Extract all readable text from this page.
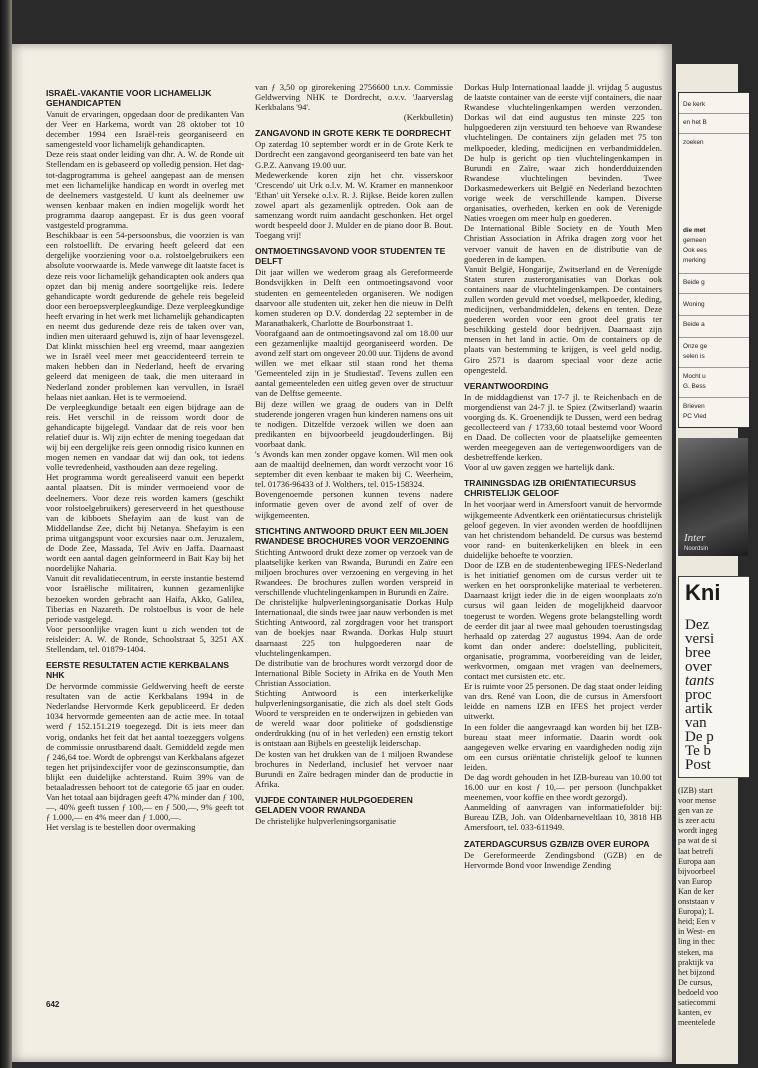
ISRAËL-VAKANTIE VOOR LICHAMELIJK GEHANDICAPTEN

Vanuit de ervaringen, opgedaan door de predikanten Van der Veer en Harkema, wordt van 28 oktober tot 10 december 1994 een Israël-reis georganiseerd en samengesteld voor lichamelijk gehandicapten.

Deze reis staat onder leiding van dhr. A. W. de Ronde uit Stellendam en is gebaseerd op volledig pension. Het dag-tot-dagprogramma is geheel aangepast aan de mensen met een lichamelijke handicap en wordt in overleg met de deelnemers vastgesteld. U kunt als deelnemer uw wensen kenbaar maken en indien mogelijk wordt het programma daarop aangepast. Er is dus geen vooraf vastgesteld programma.

Beschikbaar is een 54-persoonsbus, die voorzien is van een rolstoellift. De ervaring heeft geleerd dat een dergelijke voorziening voor o.a. rolstoelgebruikers een absolute voorwaarde is. Mede vanwege dit laatste facet is deze reis voor lichamelijk gehandicapten ook anders qua opzet dan bij menig andere soortgelijke reis. Iedere gehandicapte wordt gedurende de gehele reis begeleid door een beroepsverpleegkundige. Deze verpleegkundige heeft ervaring in het werk met lichamelijk gehandicapten en neemt dus gedurende deze reis de taken over van, indien men uiteraard gehuwd is, zijn of haar levensgezel. Dat klinkt misschien heel erg vreemd, maar aangezien we in Israël veel meer met geaccidenteerd terrein te maken hebben dan in Nederland, heeft de ervaring geleerd dat menigeen de taak, die men uiteraard in Nederland zonder problemen kan vervullen, in Israël helaas niet aankan. Het is te vermoeiend.

De verpleegkundige betaalt een eigen bijdrage aan de reis. Het verschil in de reissom wordt door de gehandicapte bijgelegd. Vandaar dat de reis voor hen relatief duur is. Wij zijn echter de mening toegedaan dat wij bij een dergelijke reis geen onnodig risico kunnen en mogen nemen en vandaar dat wij dan ook, tot iedens volle tevredenheid, vasthouden aan deze regeling.

Het programma wordt gerealiseerd vanuit een beperkt aantal plaatsen. Dit is minder vermoeiend voor de deelnemers. Voor deze reis worden kamers (geschikt voor rolstoelgebruikers) gereserveerd in het questhouse van de kibboets Shefayim aan de kust van de Middellandse Zee, dicht bij Netanya. Shefayim is een prima uitgangspunt voor excursies naar o.m. Jeruzalem, de Dode Zee, Massada, Tel Aviv en Jaffa. Daarnaast wordt een aantal dagen geïnformeerd in Bait Kay bij het noordelijke Naharia.

Vanuit dit revalidatiecentrum, in eerste instantie bestemd voor Israëlische militairen, kunnen gezamenlijke bezoeken worden gebracht aan Haifa, Akko, Galilea, Tiberias en Nazareth. De rolstoelbus is voor de hele periode vastgelegd.

Voor persoonlijke vragen kunt u zich wenden tot de reisleider: A. W. de Ronde, Schoolstraat 5, 3251 AX Stellendam, tel. 01879-1404.

EERSTE RESULTATEN ACTIE KERKBALANS NHK

De hervormde commissie Geldwerving heeft de eerste resultaten van de actie Kerkbalans 1994 in de Nederlandse Hervormde Kerk gepubliceerd. Er deden 1034 hervormde gemeenten aan de actie mee. In totaal werd ƒ 152.151.219 toegezegd. Dit is iets meer dan vorig, ondanks het feit dat het aantal toezeggers volgens de commissie onrustbarend daalt. Gemiddeld zegde men ƒ 246,64 toe. Wordt de opbrengst van Kerkbalans afgezet tegen het prijsindexcijfer voor de gezinsconsumptie, dan blijkt een duidelijke achterstand. Ruim 39% van de betaaladressen behoort tot de categorie 65 jaar en ouder. Van het totaal aan bijdragen geeft 47% minder dan ƒ 100,—, 40% geeft tussen ƒ 100,— en ƒ 500,—, 9% geeft tot ƒ 1.000,— en 4% meer dan ƒ 1.000,—.

Het verslag is te bestellen door overmaking

van ƒ 3,50 op girorekening 2756600 t.n.v. Commissie Geldwerving NHK te Dordrecht, o.v.v. 'Jaarverslag Kerkbalans '94'.

(Kerkbulletin)

ZANGAVOND IN GROTE KERK TE DORDRECHT

Op zaterdag 10 september wordt er in de Grote Kerk te Dordrecht een zangavond georganiseerd ten bate van het G.P.Z. Aanvang 19.00 uur.

Medewerkende koren zijn het chr. visserskoor 'Crescendo' uit Urk o.l.v. M. W. Kramer en mannenkoor 'Ethan' uit Yerseke o.l.v. R. J. Rijkse. Beide koren zullen zowel apart als gezamenlijk optreden. Ook aan de samenzang wordt ruim aandacht geschonken. Het orgel wordt bespeeld door J. Mulder en de piano door B. Bout. Toegang vrij!

ONTMOETINGSAVOND VOOR STUDENTEN TE DELFT

Dit jaar willen we wederom graag als Gereformeerde Bondsvijkken in Delft een ontmoetingsavond voor studenten en gemeenteleden organiseren. We nodigen daarvoor alle studenten uit, zeker hen die nieuw in Delft komen studeren op D.V. donderdag 22 september in de Maranathakerk, Charlotte de Bourbonstraat 1.

Voorafgaand aan de ontmoetingsavond zal om 18.00 uur een gezamenlijke maaltijd georganiseerd worden. De avond zelf start om ongeveer 20.00 uur. Tijdens de avond willen we met elkaar stil staan rond het thema 'Gemeenteled zijn in je Studiestad'. Tevens zullen een aantal gemeenteleden een uitleg geven over de structuur van de Delftse gemeente.

Bij deze willen we graag de ouders van in Delft studerende jongeren vragen hun kinderen namens ons uit te nodigen. Ditzelfde verzoek willen we doen aan predikanten en bijvoorbeeld jeugdouderlingen. Bij voorbaat dank.

's Avonds kan men zonder opgave komen. Wil men ook aan de maaltijd deelnemen, dan wordt verzocht voor 16 september dit even kenbaar te maken bij C. Weerheim, tel. 01736-96433 of J. Wolthers, tel. 015-158324.

Bovengenoemde personen kunnen tevens nadere informatie geven over de avond zelf of over de wijkgemeenten.

STICHTING ANTWOORD DRUKT EEN MILJOEN RWANDESE BROCHURES VOOR VERZOENING

Stichting Antwoord drukt deze zomer op verzoek van de plaatselijke kerken van Rwanda, Burundi en Zaïre een miljoen brochures over verzoening en vergeving in het Rwandees. De brochures zullen worden verspreid in verschillende vluchtelingenkampen in Burundi en Zaïre.

De christelijke hulpverleningsorganisatie Dorkas Hulp Internationaal, die sinds twee jaar nauw verbonden is met Stichting Antwoord, zal zorgdragen voor het transport van de boekjes naar Rwanda. Dorkas Hulp stuurt daarnaast 225 ton hulpgoederen naar de vluchtelingenkampen.

De distributie van de brochures wordt verzorgd door de International Bible Society in Afrika en de Youth Men Christian Association.

Stichting Antwoord is een interkerkelijke hulpverleningsorganisatie, die zich als doel stelt Gods Woord te verspreiden en te onderwijzen in gebieden van de wereld waar door politieke of godsdienstige onderdrukking (nu of in het verleden) een ernstig tekort is ontstaan aan Bijbels en geestelijk leiderschap.

De kosten van het drukken van de 1 miljoen Rwandese brochures in Nederland, inclusief het vervoer naar Burundi en Zaïre bedragen minder dan de productie in Afrika.

VIJFDE CONTAINER HULPGOEDEREN GELADEN VOOR RWANDA

De christelijke hulpverleningsorganisatie

Dorkas Hulp Internationaal laadde jl. vrijdag 5 augustus de laatste container van de eerste vijf containers, die naar Rwandese vluchtelingenkampen werden verzonden. Dorkas wil dat eind augustus ten minste 225 ton hulpgoederen zijn verstuurd ten behoeve van Rwandese vluchtelingen. De containers zijn geladen met 75 ton melkpoeder, kleding, medicijnen en verbandmiddelen. De hulp is gericht op tien vluchtelingenkampen in Burundi en Zaïre, waar zich honderdduizenden Rwandese vluchtelingen bevinden. Twee Dorkasmedewerkers uit België en Nederland bezochten vorige week de verschillende kampen. Diverse organisaties, overheden, kerken en ook de Verenigde Naties vroegen om meer hulp en goederen.

De International Bible Society en de Youth Men Christian Association in Afrika dragen zorg voor het vervoer vanuit de haven en de distributie van de goederen in de kampen.

Vanuit België, Hongarije, Zwitserland en de Verenigde Staten sturen zusterorganisaties van Dorkas ook containers naar de vluchtelingenkampen. De containers zullen worden gevuld met voedsel, melkpoeder, kleding, medicijnen, verbandmiddelen, dekens en tenten. Deze goederen worden voor een groot deel gratis ter beschikking gesteld door bedrijven. Daarnaast zijn mensen in het land in actie. Om de containers op de plaats van bestemming te krijgen, is veel geld nodig. Giro 2571 is daarom speciaal voor deze actie opengesteld.

VERANTWOORDING

In de middagdienst van 17-7 jl. te Reichenbach en de morgendienst van 24-7 jl. te Spiez (Zwitserland) waarin voorging ds. K. Groenendijk te Dussen, werd een bedrag gecollecteerd van ƒ 1733,60 totaal bestemd voor Woord en Daad. De collecten voor de plaatselijke gemeenten werden meegegeven aan de vertegenwoordigers van de desbetreffende kerken.

Voor al uw gaven zeggen we hartelijk dank.

TRAININGSDAG IZB ORIËNTATIECURSUS CHRISTELIJK GELOOF

In het voorjaar werd in Amersfoort vanuit de hervormde wijkgemeente Adventkerk een oriëntatiecursus christelijk geloof gegeven. In vier avonden werden de hoofdlijnen van het christendom behandeld. De cursus was bestemd voor rand- en buitenkerkelijken en bleek in een duidelijke behoefte te voorzien.

Door de IZB en de studentenbeweging IFES-Nederland is het initiatief genomen om de cursus verder uit te werken en het oorspronkelijke materiaal te verbeteren. Daarnaast krijgt ieder die in de eigen woonplaats zo'n cursus wil gaan leiden de mogelijkheid daarvoor toegerust te worden. Wegens grote belangstelling wordt de eerder dit jaar al twee maal gehouden toerustingsdag herhaald op zaterdag 27 augustus 1994. Aan de orde komt dan onder andere: doelstelling, publiciteit, organisatie, programma, voorbereiding van de leider, werkvormen, omgaan met vragen van deelnemers, contact met cursisten etc. etc.

Er is ruimte voor 25 personen. De dag staat onder leiding van drs. René van Loon, die de cursus in Amersfoort leidde en namens IZB en IFES het project verder uitwerkt.

In een folder die aangevraagd kan worden bij het IZB-bureau staat meer informatie. Daarin wordt ook aangegeven welke ervaring en vaardigheden nodig zijn om een cursus oriëntatie christelijk geloof te kunnen leiden.

De dag wordt gehouden in het IZB-bureau van 10.00 tot 16.00 uur en kost ƒ 10,— per persoon (lunchpakket meenemen, voor koffie en thee wordt gezorgd).

Aanmelding of aanvragen van informatiefolder bij: Bureau IZB, Joh. van Oldenbarneveltlaan 10, 3818 HB Amersfoort, tel. 033-611949.

ZATERDAGCURSUS GZB/IZB OVER EUROPA

De Gereformeerde Zendingsbond (GZB) en de Hervormde Bond voor Inwendige Zending

642
De kerk
en het B
zoeken
die met
gemeen
Ook ees
merking
Beide g
Woning
Beide a
Onze ge
selen is
Mocht u
G. Bess
Brieven
PC Vled
Inter
Noordsin
Kni
Dez
versi
bree
over
tants
proc
artik
van
De p
Te b
Post
(IZB) start
voor mense
gen van ze
is zeer actu
wordt ingeg
pa wat de si
laat betrefi
Europa aan
bijvoorbeel
van Europ
Kan de ker
onststaan v
Europa); L
heid; Een v
in West- en
ling in thec
steken, ma
praktijk va
het bijzond
De cursus,
bedoeld voo
satiecommi
kanten, ev
meentelede
